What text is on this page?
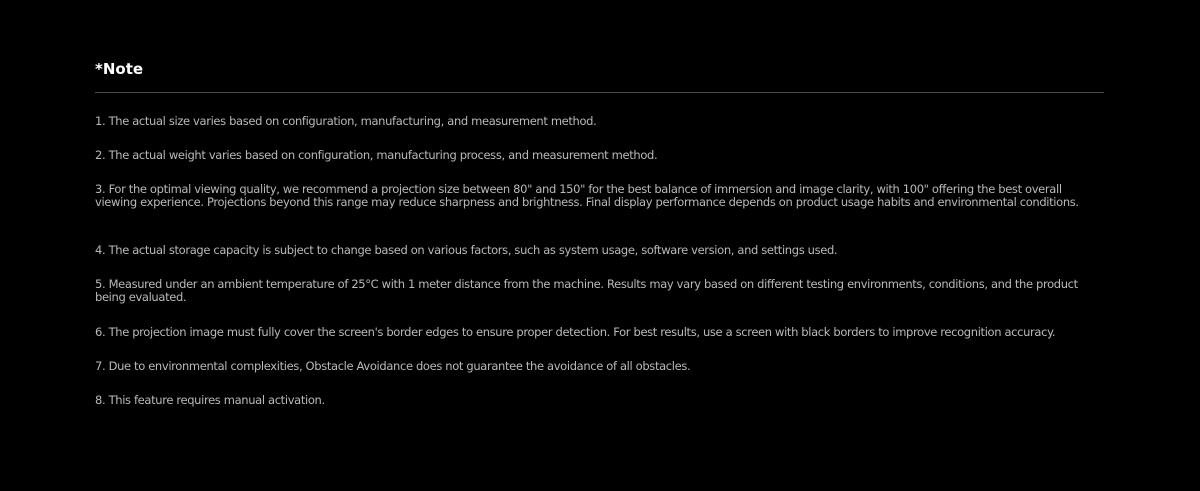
*Note
1. The actual size varies based on configuration, manufacturing, and measurement method.
2. The actual weight varies based on configuration, manufacturing process, and measurement method.
3. For the optimal viewing quality, we recommend a projection size between 80" and 150" for the best balance of immersion and image clarity, with 100" offering the best overall viewing experience. Projections beyond this range may reduce sharpness and brightness. Final display performance depends on product usage habits and environmental conditions.
4. The actual storage capacity is subject to change based on various factors, such as system usage, software version, and settings used.
5. Measured under an ambient temperature of 25°C with 1 meter distance from the machine. Results may vary based on different testing environments, conditions, and the product being evaluated.
6. The projection image must fully cover the screen's border edges to ensure proper detection. For best results, use a screen with black borders to improve recognition accuracy.
7. Due to environmental complexities, Obstacle Avoidance does not guarantee the avoidance of all obstacles.
8. This feature requires manual activation.
